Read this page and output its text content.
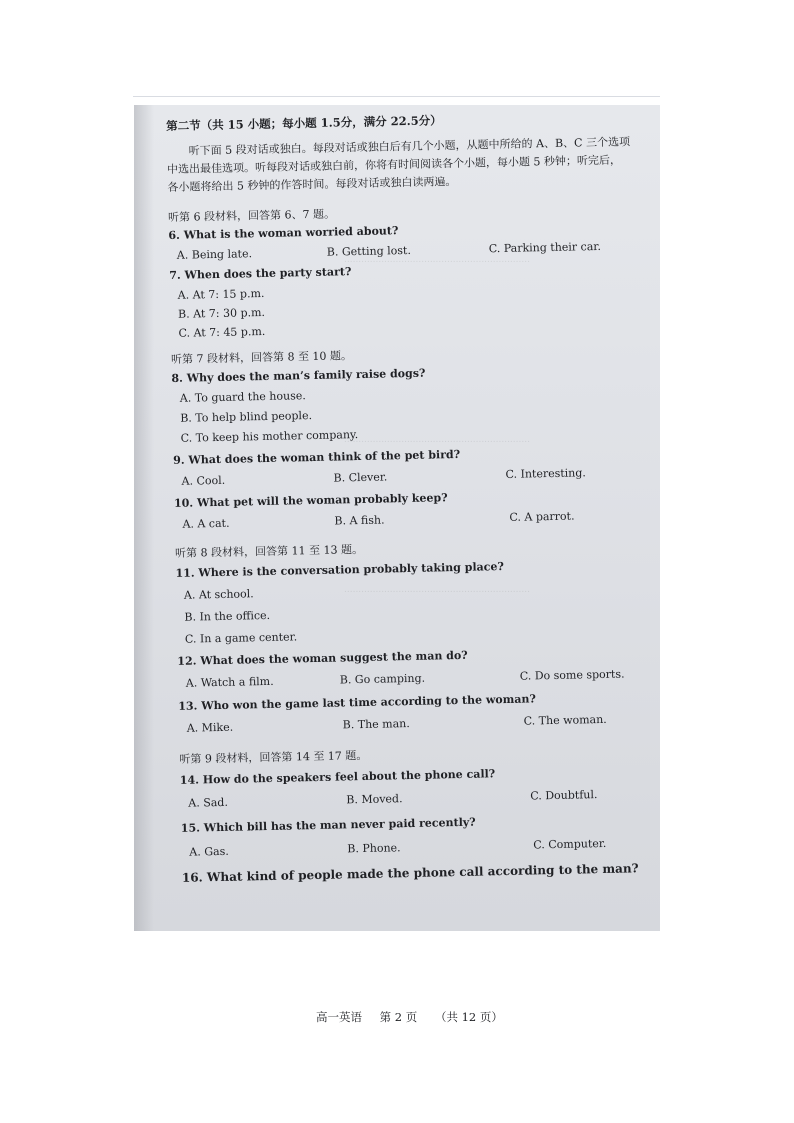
.................................................................
.................................................................
.................................................................
第二节（共 15 小题；每小题 1.5分，满分 22.5分）
听下面 5 段对话或独白。每段对话或独白后有几个小题，从题中所给的 A、B、C 三个选项
中选出最佳选项。听每段对话或独白前，你将有时间阅读各个小题，每小题 5 秒钟；听完后，
各小题将给出 5 秒钟的作答时间。每段对话或独白读两遍。
听第 6 段材料，回答第 6、7 题。
6. What is the woman worried about?
A. Being late.	B. Getting lost.	C. Parking their car.
7. When does the party start?
A. At 7: 15 p.m.
B. At 7: 30 p.m.
C. At 7: 45 p.m.
听第 7 段材料，回答第 8 至 10 题。
8. Why does the man’s family raise dogs?
A. To guard the house.
B. To help blind people.
C. To keep his mother company.
9. What does the woman think of the pet bird?
A. Cool.	B. Clever.	C. Interesting.
10. What pet will the woman probably keep?
A. A cat.	B. A fish.	C. A parrot.
听第 8 段材料，回答第 11 至 13 题。
11. Where is the conversation probably taking place?
A. At school.
B. In the office.
C. In a game center.
12. What does the woman suggest the man do?
A. Watch a film.	B. Go camping.	C. Do some sports.
13. Who won the game last time according to the woman?
A. Mike.	B. The man.	C. The woman.
听第 9 段材料，回答第 14 至 17 题。
14. How do the speakers feel about the phone call?
A. Sad.	B. Moved.	C. Doubtful.
15. Which bill has the man never paid recently?
A. Gas.	B. Phone.	C. Computer.
16. What kind of people made the phone call according to the man?
高一英语 第 2 页 （共 12 页）
